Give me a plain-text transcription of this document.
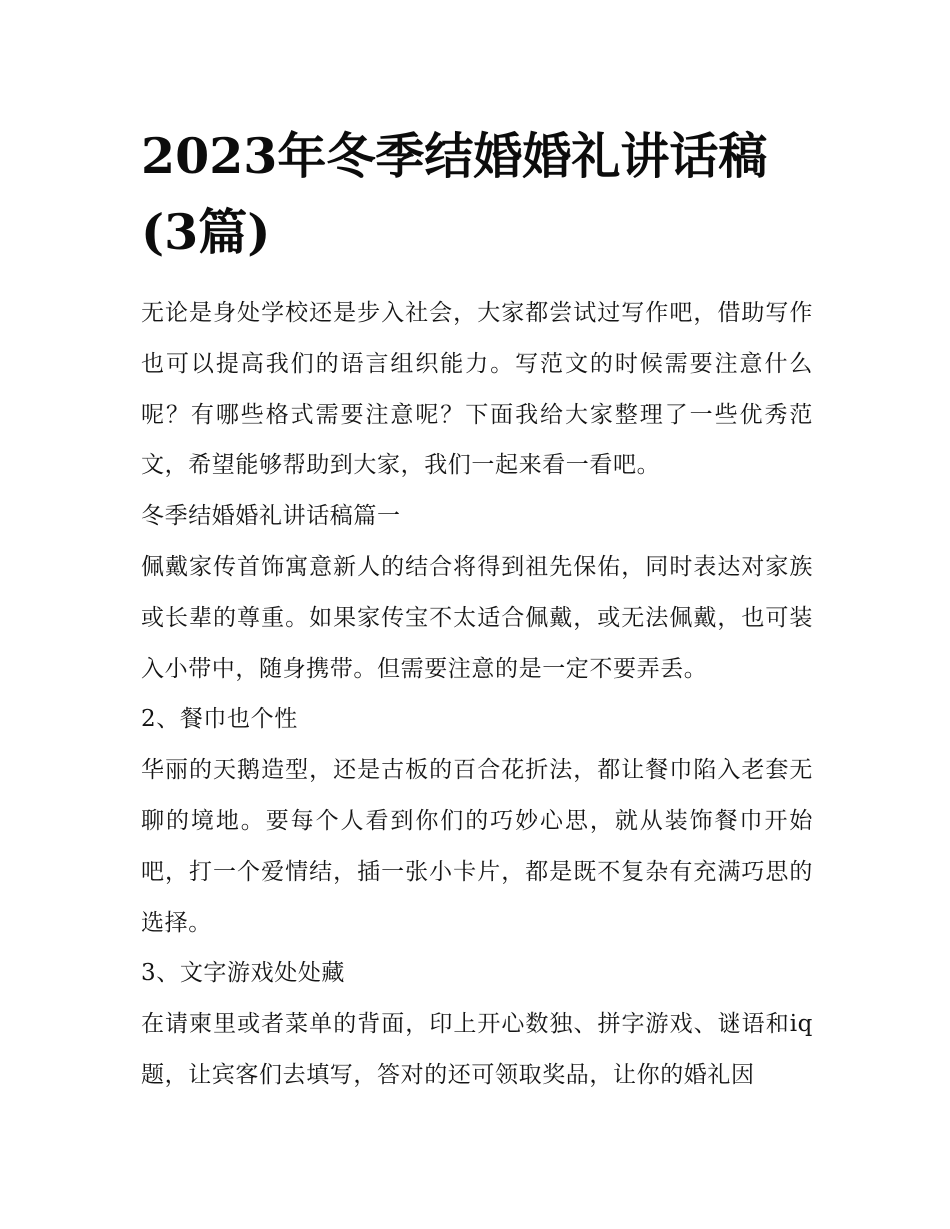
2023年冬季结婚婚礼讲话稿(3篇)

无论是身处学校还是步入社会，大家都尝试过写作吧，借助写作也可以提高我们的语言组织能力。写范文的时候需要注意什么呢？有哪些格式需要注意呢？下面我给大家整理了一些优秀范文，希望能够帮助到大家，我们一起来看一看吧。

冬季结婚婚礼讲话稿篇一

佩戴家传首饰寓意新人的结合将得到祖先保佑，同时表达对家族或长辈的尊重。如果家传宝不太适合佩戴，或无法佩戴，也可装入小带中，随身携带。但需要注意的是一定不要弄丢。

2、餐巾也个性

华丽的天鹅造型，还是古板的百合花折法，都让餐巾陷入老套无聊的境地。要每个人看到你们的巧妙心思，就从装饰餐巾开始吧，打一个爱情结，插一张小卡片，都是既不复杂有充满巧思的选择。

3、文字游戏处处藏

在请柬里或者菜单的背面，印上开心数独、拼字游戏、谜语和iq题，让宾客们去填写，答对的还可领取奖品，让你的婚礼因
